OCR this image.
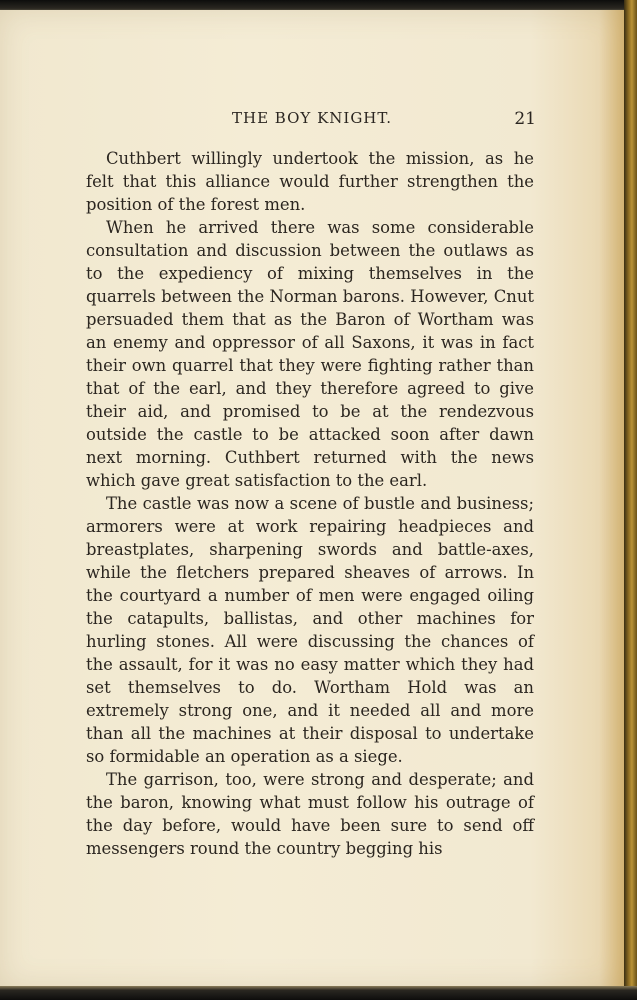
THE BOY KNIGHT.	21

Cuthbert willingly undertook the mission, as he felt that this alliance would further strengthen the position of the forest men.

When he arrived there was some considerable consultation and discussion between the outlaws as to the expediency of mixing themselves in the quarrels between the Norman barons. However, Cnut persuaded them that as the Baron of Wortham was an enemy and oppressor of all Saxons, it was in fact their own quarrel that they were fighting rather than that of the earl, and they therefore agreed to give their aid, and promised to be at the rendezvous outside the castle to be attacked soon after dawn next morning. Cuthbert returned with the news which gave great satisfaction to the earl.

The castle was now a scene of bustle and business; armorers were at work repairing headpieces and breastplates, sharpening swords and battle-axes, while the fletchers prepared sheaves of arrows. In the courtyard a number of men were engaged oiling the catapults, ballistas, and other machines for hurling stones. All were discussing the chances of the assault, for it was no easy matter which they had set themselves to do. Wortham Hold was an extremely strong one, and it needed all and more than all the machines at their disposal to undertake so formidable an operation as a siege.

The garrison, too, were strong and desperate; and the baron, knowing what must follow his outrage of the day before, would have been sure to send off messengers round the country begging his
